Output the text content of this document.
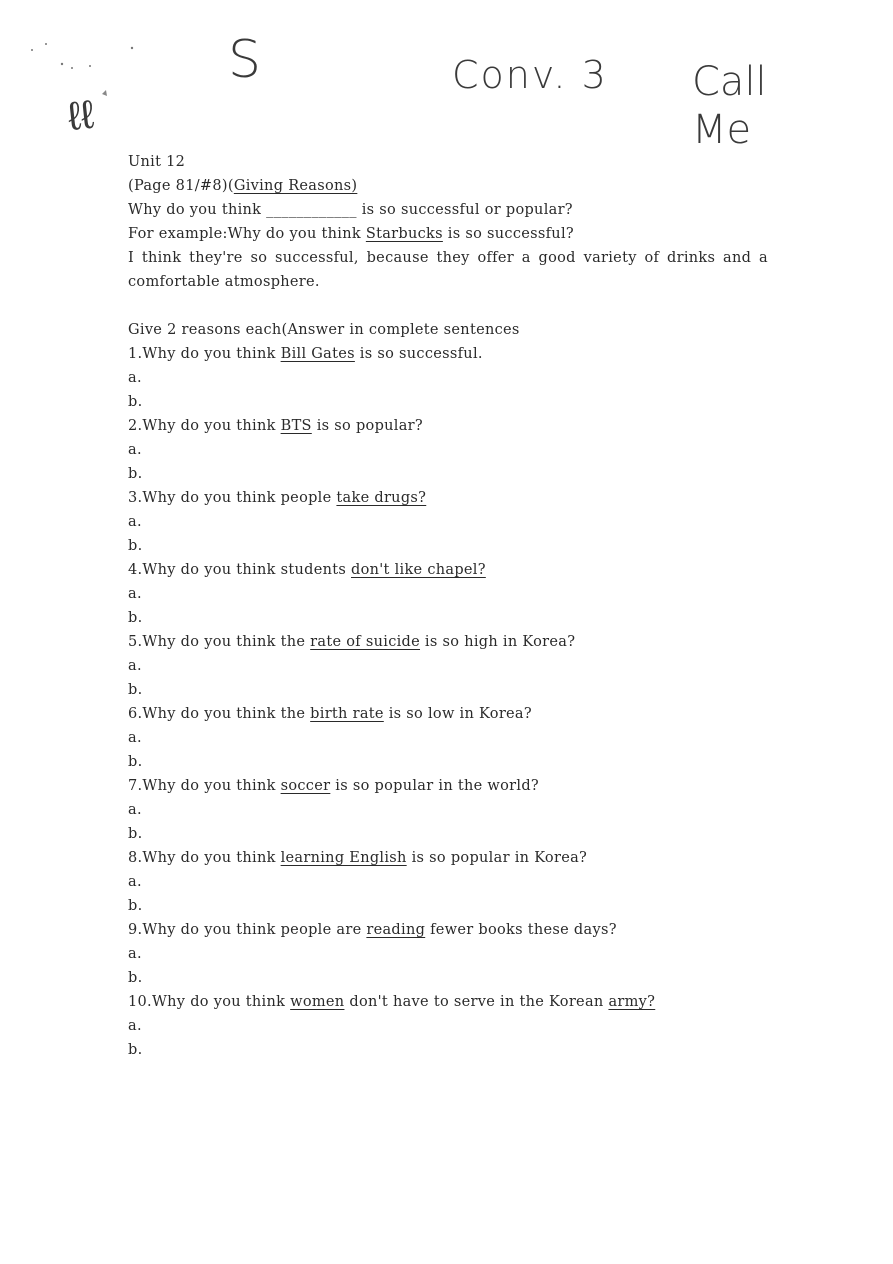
ℓℓ
S	Conv. 3 Call
Me
Unit 12
(Page 81/#8)(Giving Reasons)
Why do you think ____________ is so successful or popular?
For example:Why do you think Starbucks is so successful?
I think they're so successful, because they offer a good variety of drinks and a comfortable atmosphere.
Give 2 reasons each(Answer in complete sentences
1.Why do you think Bill Gates is so successful.
a.
b.
2.Why do you think BTS is so popular?
a.
b.
3.Why do you think people take drugs?
a.
b.
4.Why do you think students don't like chapel?
a.
b.
5.Why do you think the rate of suicide is so high in Korea?
a.
b.
6.Why do you think the birth rate is so low in Korea?
a.
b.
7.Why do you think soccer is so popular in the world?
a.
b.
8.Why do you think learning English is so popular in Korea?
a.
b.
9.Why do you think people are reading fewer books these days?
a.
b.
10.Why do you think women don't have to serve in the Korean army?
a.
b.
